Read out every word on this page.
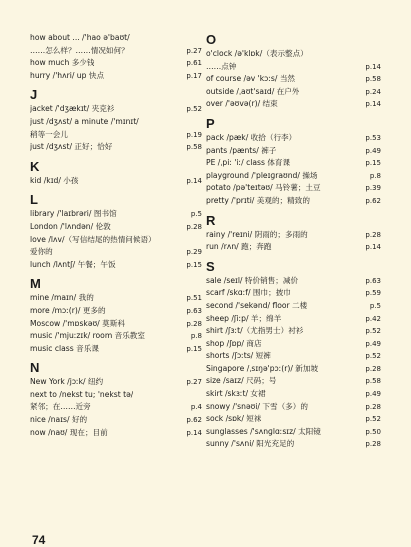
how about ... /'hao ə'baʊt/
……怎么样？……情况如何？	p.27
how much 多少钱	p.61
hurry /'hʌri/ up 快点	p.17
J
jacket /'dʒækɪt/ 夹克衫	p.52
just /dʒʌst/ a minute /'mɪnɪt/
稍等一会儿	p.19
just /dʒʌst/ 正好；恰好	p.58
K
kid /kɪd/ 小孩	p.14
L
library /'laɪbrəri/ 图书馆	p.5
London /'lʌndən/ 伦敦	p.28
love /lʌv/（写信结尾的热情问候语）
爱你的	p.29
lunch /lʌntʃ/ 午餐；午饭	p.15
M
mine /maɪn/ 我的	p.51
more /mɔː(r)/ 更多的	p.63
Moscow /'mɒskəʊ/ 莫斯科	p.28
music /'mjuːzɪk/ room 音乐教室	p.8
music class 音乐课	p.15
N
New York /jɔːk/ 纽约	p.27
next to /nekst tu; 'nekst tə/
紧邻；在……近旁	p.4
nice /naɪs/ 好的	p.62
now /naʊ/ 现在；目前	p.14
O
o'clock /ə'klɒk/（表示整点）
……点钟	p.14
of course /əv 'kɔːs/ 当然	p.58
outside /ˌaʊt'saɪd/ 在户外	p.24
over /'əʊvə(r)/ 结束	p.14
P
pack /pæk/ 收拾（行李）	p.53
pants /pænts/ 裤子	p.49
PE /ˌpiː 'iː/ class 体育课	p.15
playground /'pleɪɡraʊnd/ 操场	p.8
potato /pə'teɪtəʊ/ 马铃薯；土豆	p.39
pretty /'prɪti/ 美观的；精致的	p.62
R
rainy /'reɪni/ 阴雨的；多雨的	p.28
run /rʌn/ 跑；奔跑	p.14
S
sale /seɪl/ 特价销售；减价	p.63
scarf /skɑːf/ 围巾；披巾	p.59
second /'sekənd/ floor 二楼	p.5
sheep /ʃiːp/ 羊；绵羊	p.42
shirt /ʃɜːt/（尤指男士）衬衫	p.52
shop /ʃɒp/ 商店	p.49
shorts /ʃɔːts/ 短裤	p.52
Singapore /ˌsɪŋə'pɔː(r)/ 新加坡	p.28
size /saɪz/ 尺码；号	p.58
skirt /skɜːt/ 女裙	p.49
snowy /'snəʊi/ 下雪（多）的	p.28
sock /sɒk/ 短袜	p.52
sunglasses /'sʌnɡlɑːsɪz/ 太阳镜	p.50
sunny /'sʌni/ 阳光充足的	p.28
74
